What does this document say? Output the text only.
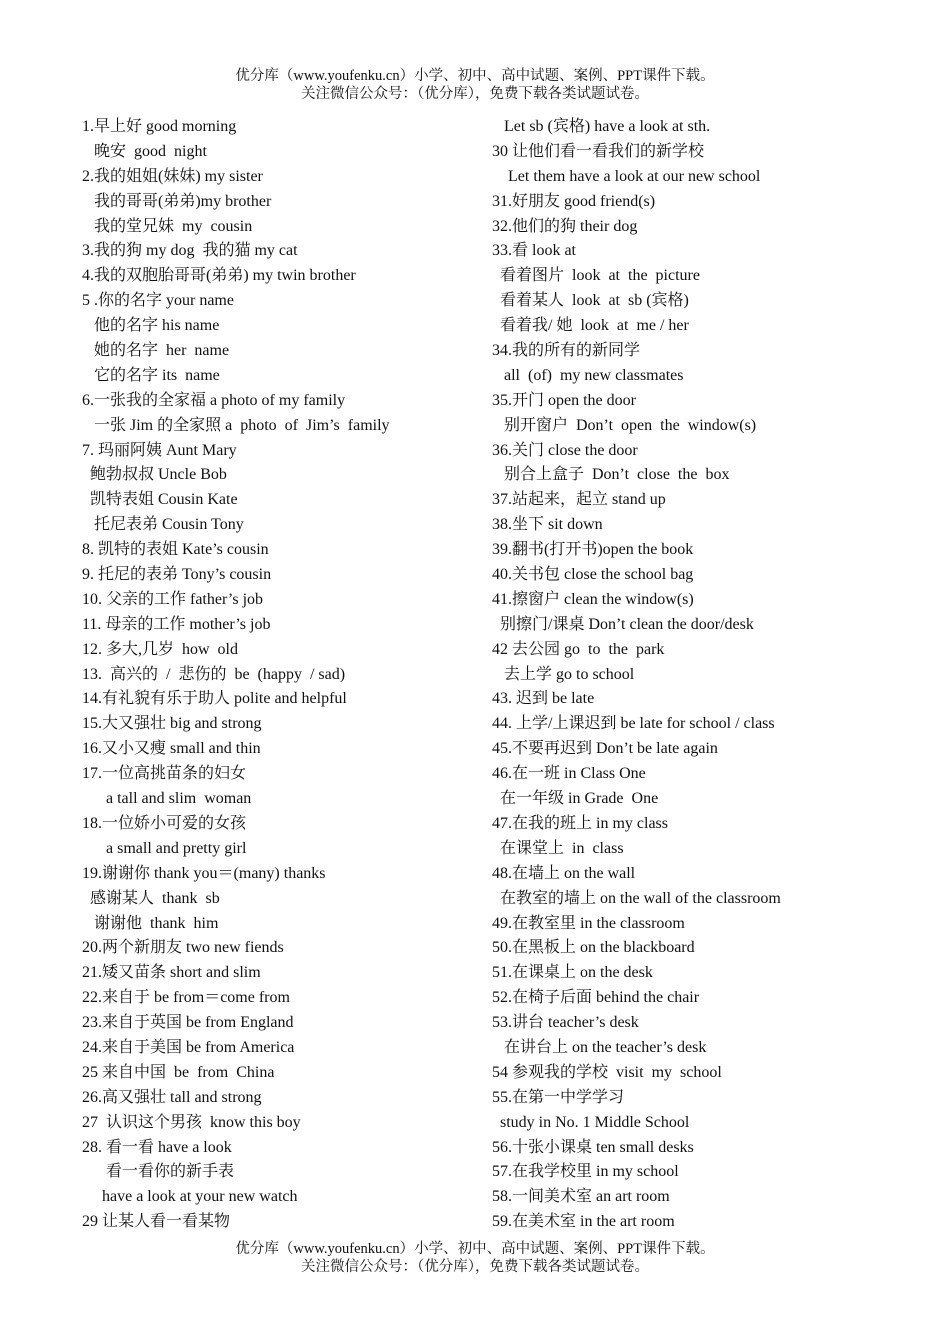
优分库（www.youfenku.cn）小学、初中、高中试题、案例、PPT课件下载。
关注微信公众号：（优分库），免费下载各类试题试卷。
1.早上好 good morning
晚安  good  night
2.我的姐姐(妹妹) my sister
我的哥哥(弟弟)my brother
我的堂兄妹  my  cousin
3.我的狗 my dog  我的猫 my cat
4.我的双胞胎哥哥(弟弟) my twin brother
5 .你的名字 your name
他的名字 his name
她的名字  her  name
它的名字 its  name
6.一张我的全家福 a photo of my family
一张 Jim 的全家照 a  photo  of  Jim’s  family
7. 玛丽阿姨 Aunt Mary
鲍勃叔叔 Uncle Bob
凯特表姐 Cousin Kate
托尼表弟 Cousin Tony
8. 凯特的表姐 Kate’s cousin
9. 托尼的表弟 Tony’s cousin
10. 父亲的工作 father’s job
11. 母亲的工作 mother’s job
12. 多大,几岁  how  old
13.  高兴的  /  悲伤的  be  (happy  / sad)
14.有礼貌有乐于助人 polite and helpful
15.大又强壮 big and strong
16.又小又瘦 small and thin
17.一位高挑苗条的妇女
a tall and slim  woman
18.一位娇小可爱的女孩
a small and pretty girl
19.谢谢你 thank you＝(many) thanks
感谢某人  thank  sb
谢谢他  thank  him
20.两个新朋友 two new fiends
21.矮又苗条 short and slim
22.来自于 be from＝come from
23.来自于英国 be from England
24.来自于美国 be from America
25 来自中国  be  from  China
26.高又强壮 tall and strong
27  认识这个男孩  know this boy
28. 看一看 have a look
看一看你的新手表
have a look at your new watch
29 让某人看一看某物
Let sb (宾格) have a look at sth.
30 让他们看一看我们的新学校
Let them have a look at our new school
31.好朋友 good friend(s)
32.他们的狗 their dog
33.看 look at
看着图片  look  at  the  picture
看着某人  look  at  sb (宾格)
看着我/ 她  look  at  me / her
34.我的所有的新同学
all  (of)  my new classmates
35.开门 open the door
别开窗户  Don’t  open  the  window(s)
36.关门 close the door
别合上盒子  Don’t  close  the  box
37.站起来，起立 stand up
38.坐下 sit down
39.翻书(打开书)open the book
40.关书包 close the school bag
41.擦窗户 clean the window(s)
别擦门/课桌 Don’t clean the door/desk
42 去公园 go  to  the  park
去上学 go to school
43. 迟到 be late
44. 上学/上课迟到 be late for school / class
45.不要再迟到 Don’t be late again
46.在一班 in Class One
在一年级 in Grade  One
47.在我的班上 in my class
在课堂上  in  class
48.在墙上 on the wall
在教室的墙上 on the wall of the classroom
49.在教室里 in the classroom
50.在黑板上 on the blackboard
51.在课桌上 on the desk
52.在椅子后面 behind the chair
53.讲台 teacher’s desk
在讲台上 on the teacher’s desk
54 参观我的学校  visit  my  school
55.在第一中学学习
study in No. 1 Middle School
56.十张小课桌 ten small desks
57.在我学校里 in my school
58.一间美术室 an art room
59.在美术室 in the art room
优分库（www.youfenku.cn）小学、初中、高中试题、案例、PPT课件下载。
关注微信公众号：（优分库），免费下载各类试题试卷。
